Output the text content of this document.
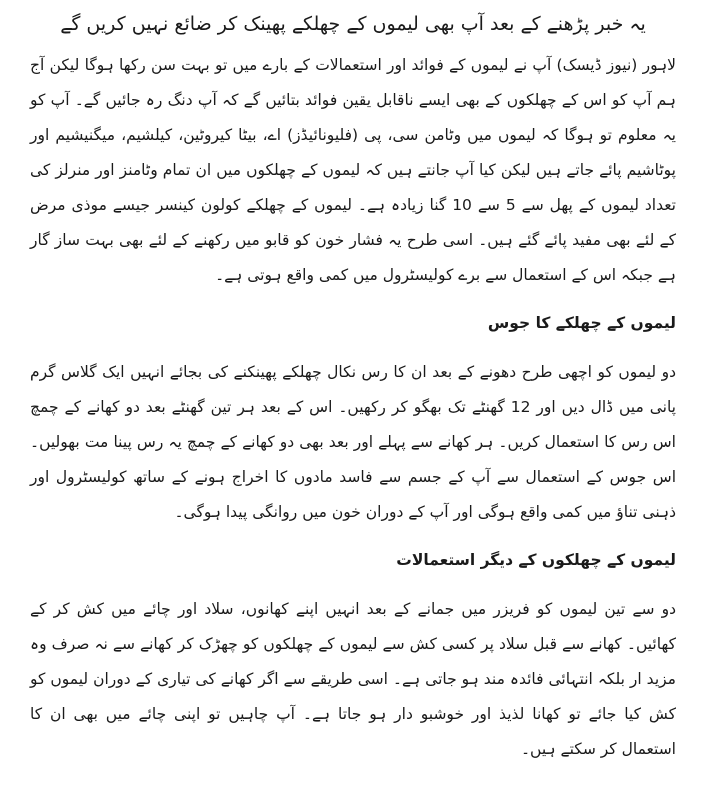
یہ خبر پڑھنے کے بعد آپ بھی لیموں کے چھلکے پھینک کر ضائع نہیں کریں گے

لاہور (نیوز ڈیسک) آپ نے لیموں کے فوائد اور استعمالات کے بارے میں تو بہت سن رکھا ہوگا لیکن آج ہم آپ کو اس کے چھلکوں کے بھی ایسے ناقابل یقین فوائد بتائیں گے کہ آپ دنگ رہ جائیں گے۔ آپ کو یہ معلوم تو ہوگا کہ لیموں میں وٹامن سی، پی (فلیونائیڈز) اے، بیٹا کیروٹین، کیلشیم، میگنیشیم اور پوٹاشیم پائے جاتے ہیں لیکن کیا آپ جانتے ہیں کہ لیموں کے چھلکوں میں ان تمام وٹامنز اور منرلز کی تعداد لیموں کے پھل سے 5 سے 10 گنا زیادہ ہے۔ لیموں کے چھلکے کولون کینسر جیسے موذی مرض کے لئے بھی مفید پائے گئے ہیں۔ اسی طرح یہ فشار خون کو قابو میں رکھنے کے لئے بھی بہت ساز گار ہے جبکہ اس کے استعمال سے برے کولیسٹرول میں کمی واقع ہوتی ہے۔

لیموں کے چھلکے کا جوس

دو لیموں کو اچھی طرح دھونے کے بعد ان کا رس نکال چھلکے پھینکنے کی بجائے انہیں ایک گلاس گرم پانی میں ڈال دیں اور 12 گھنٹے تک بھگو کر رکھیں۔ اس کے بعد ہر تین گھنٹے بعد دو کھانے کے چمچ اس رس کا استعمال کریں۔ ہر کھانے سے پہلے اور بعد بھی دو کھانے کے چمچ یہ رس پینا مت بھولیں۔ اس جوس کے استعمال سے آپ کے جسم سے فاسد مادوں کا اخراج ہونے کے ساتھ کولیسٹرول اور ذہنی تناؤ میں کمی واقع ہوگی اور آپ کے دوران خون میں روانگی پیدا ہوگی۔

لیموں کے چھلکوں کے دیگر استعمالات

دو سے تین لیموں کو فریزر میں جمانے کے بعد انہیں اپنے کھانوں، سلاد اور چائے میں کش کر کے کھائیں۔ کھانے سے قبل سلاد پر کسی کش سے لیموں کے چھلکوں کو چھڑک کر کھانے سے نہ صرف وہ مزید ار بلکہ انتہائی فائدہ مند ہو جاتی ہے۔ اسی طریقے سے اگر کھانے کی تیاری کے دوران لیموں کو کش کیا جائے تو کھانا لذیذ اور خوشبو دار ہو جاتا ہے۔ آپ چاہیں تو اپنی چائے میں بھی ان کا استعمال کر سکتے ہیں۔
